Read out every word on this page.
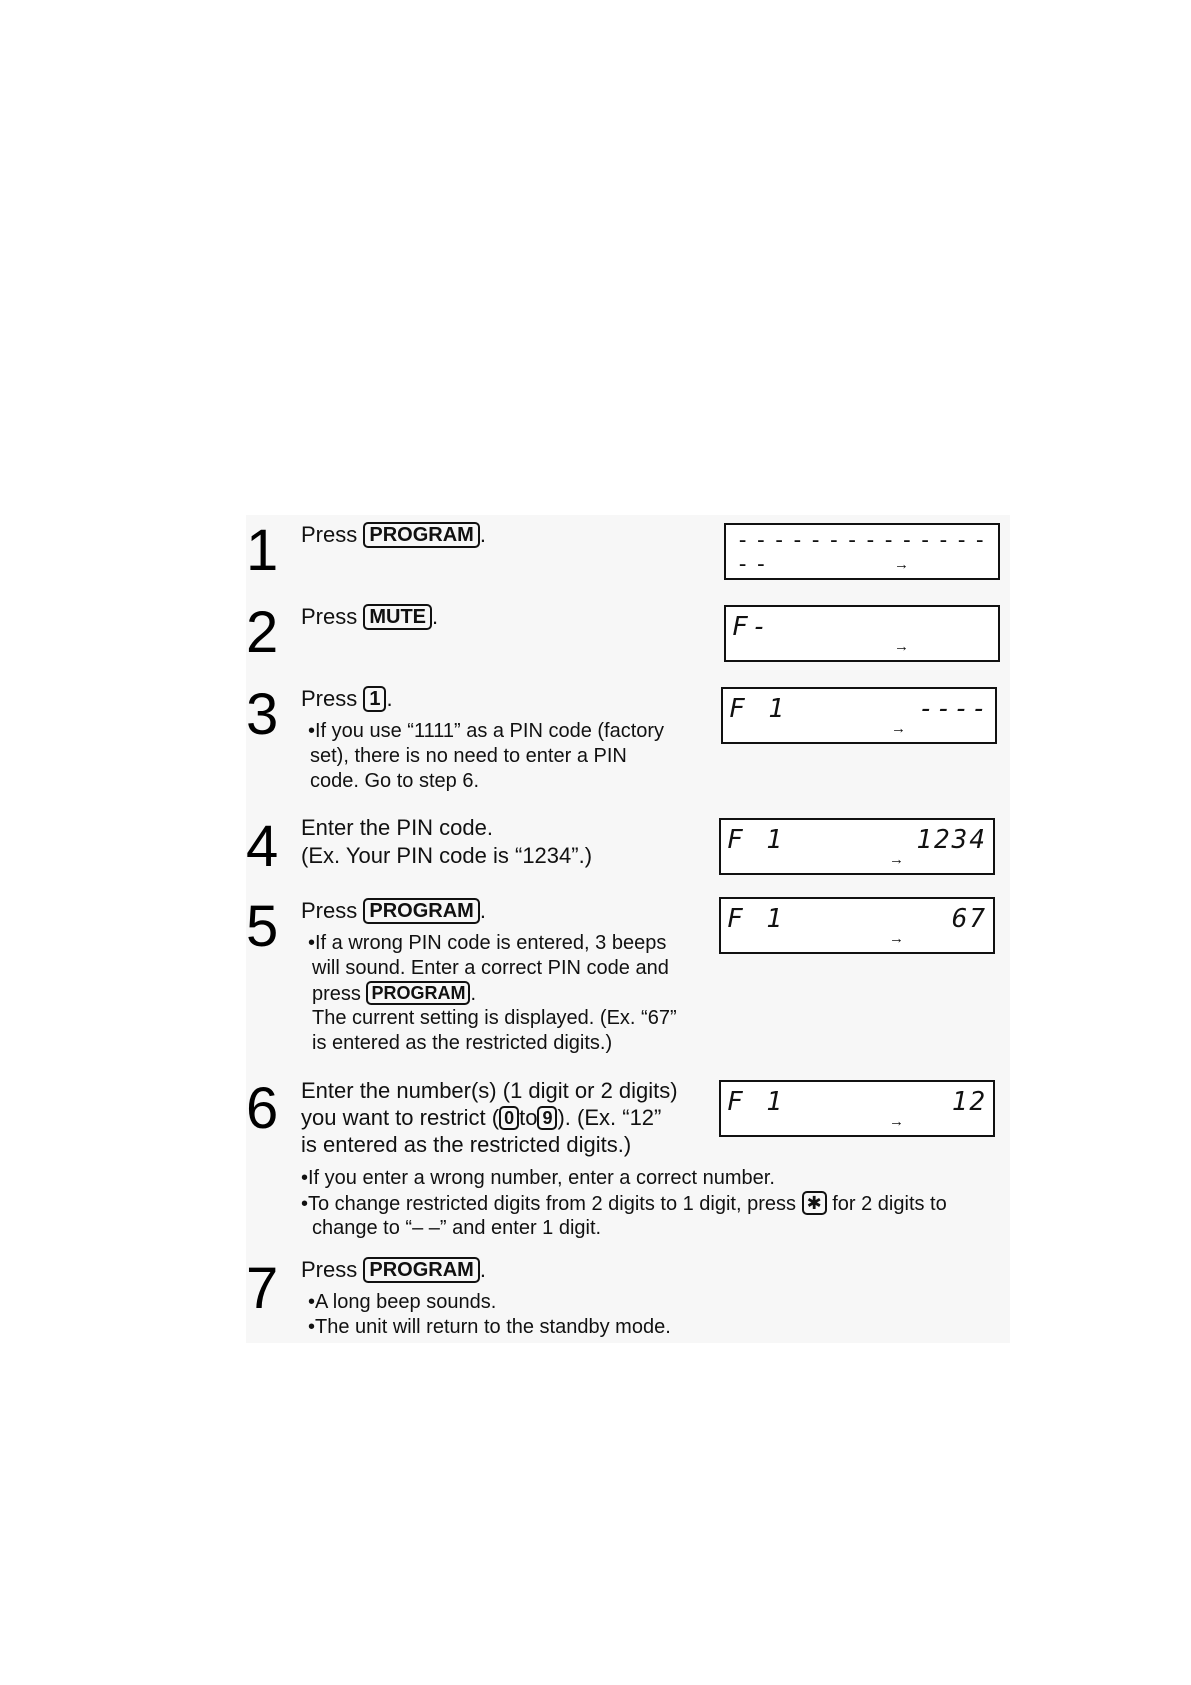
1 Press PROGRAM .	----------------	→
2 Press MUTE .	F-
→
3 Press 1 .
•If you use “1111” as a PIN code (factory
set), there is no need to enter a PIN
code. Go to step 6.
F 1	----
→
4 Enter the PIN code.
(Ex. Your PIN code is “1234”.)
F 1	1234
→
5 Press PROGRAM .
•If a wrong PIN code is entered, 3 beeps
will sound. Enter a correct PIN code and
press PROGRAM .
The current setting is displayed. (Ex. “67”
is entered as the restricted digits.)
F 1	67
→
6 Enter the number(s) (1 digit or 2 digits)
you want to restrict ( 0 to 9 ). (Ex. “12”
is entered as the restricted digits.)
•If you enter a wrong number, enter a correct number.
•To change restricted digits from 2 digits to 1 digit, press ✱ for 2 digits to
change to “– –” and enter 1 digit.
F 1	12
→
7 Press PROGRAM .
•A long beep sounds.
•The unit will return to the standby mode.
